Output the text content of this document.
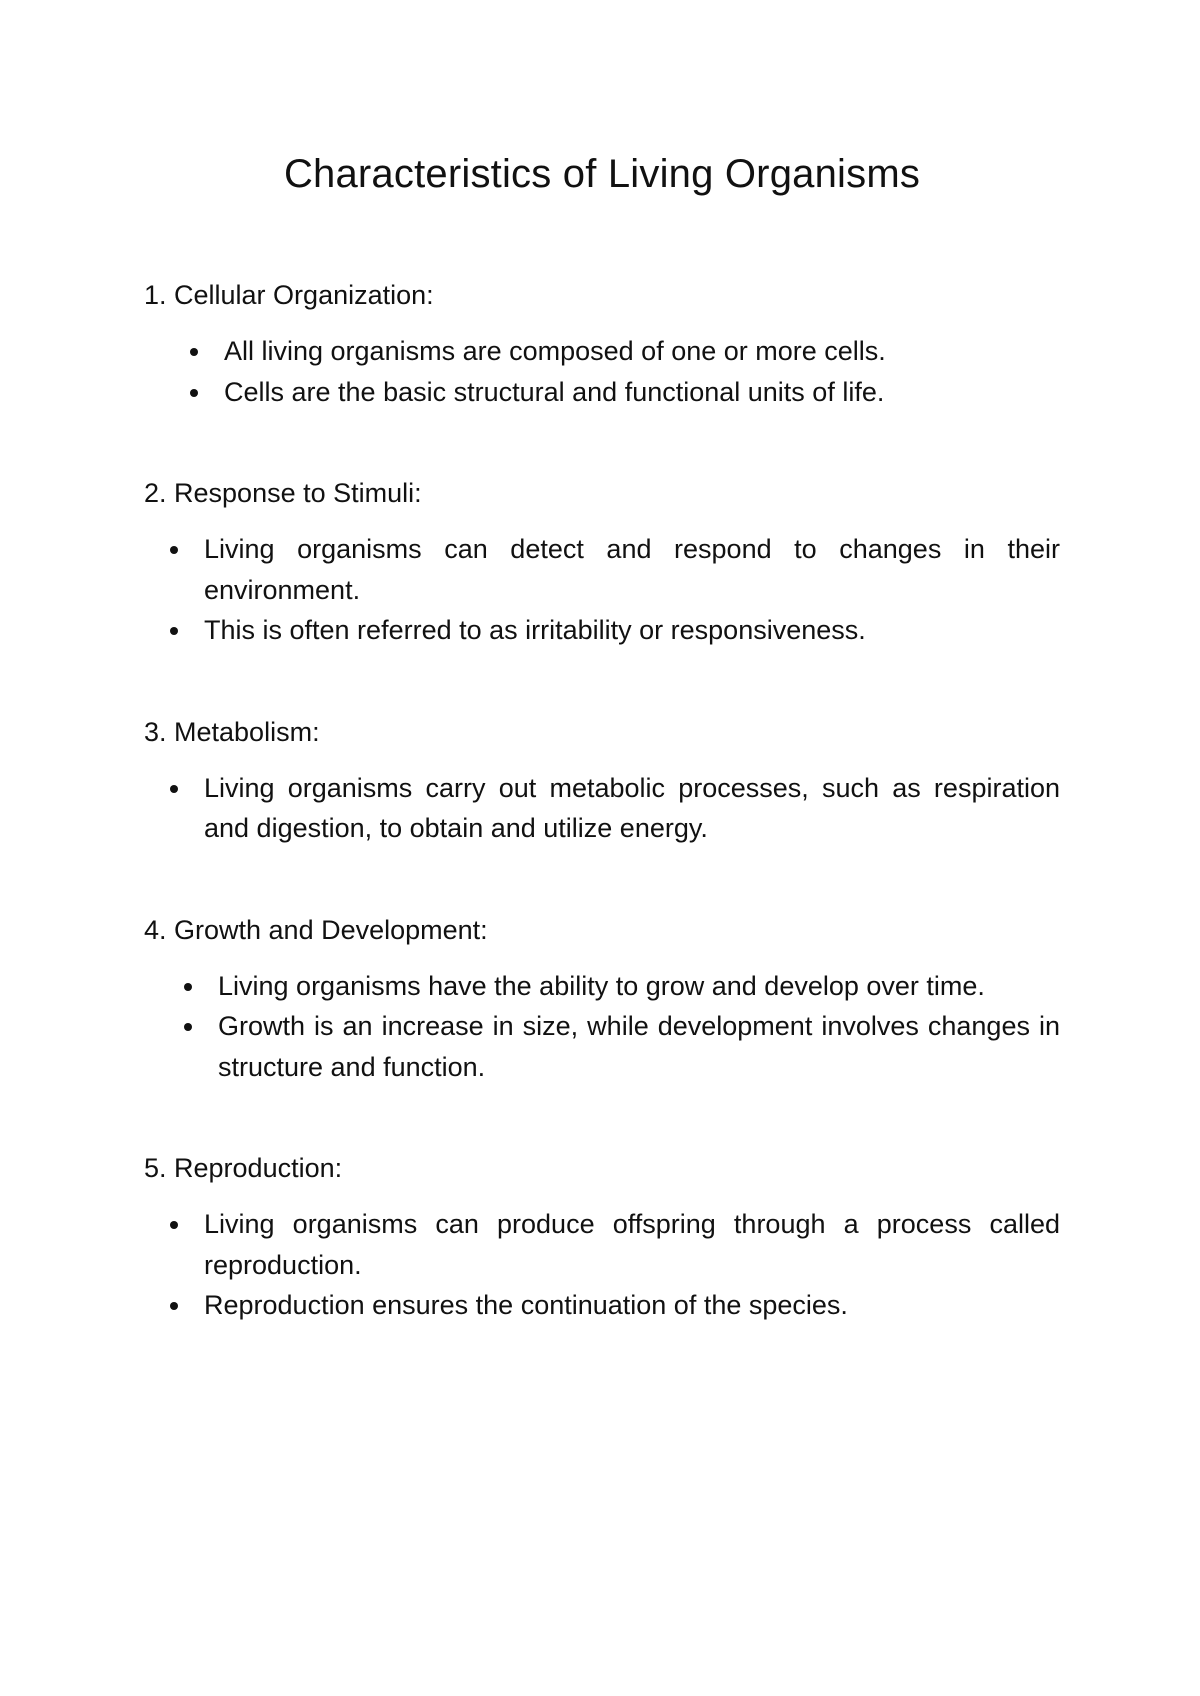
Characteristics of Living Organisms
1. Cellular Organization:
All living organisms are composed of one or more cells.
Cells are the basic structural and functional units of life.
2. Response to Stimuli:
Living organisms can detect and respond to changes in their environment.
This is often referred to as irritability or responsiveness.
3. Metabolism:
Living organisms carry out metabolic processes, such as respiration and digestion, to obtain and utilize energy.
4. Growth and Development:
Living organisms have the ability to grow and develop over time.
Growth is an increase in size, while development involves changes in structure and function.
5. Reproduction:
Living organisms can produce offspring through a process called reproduction.
Reproduction ensures the continuation of the species.
